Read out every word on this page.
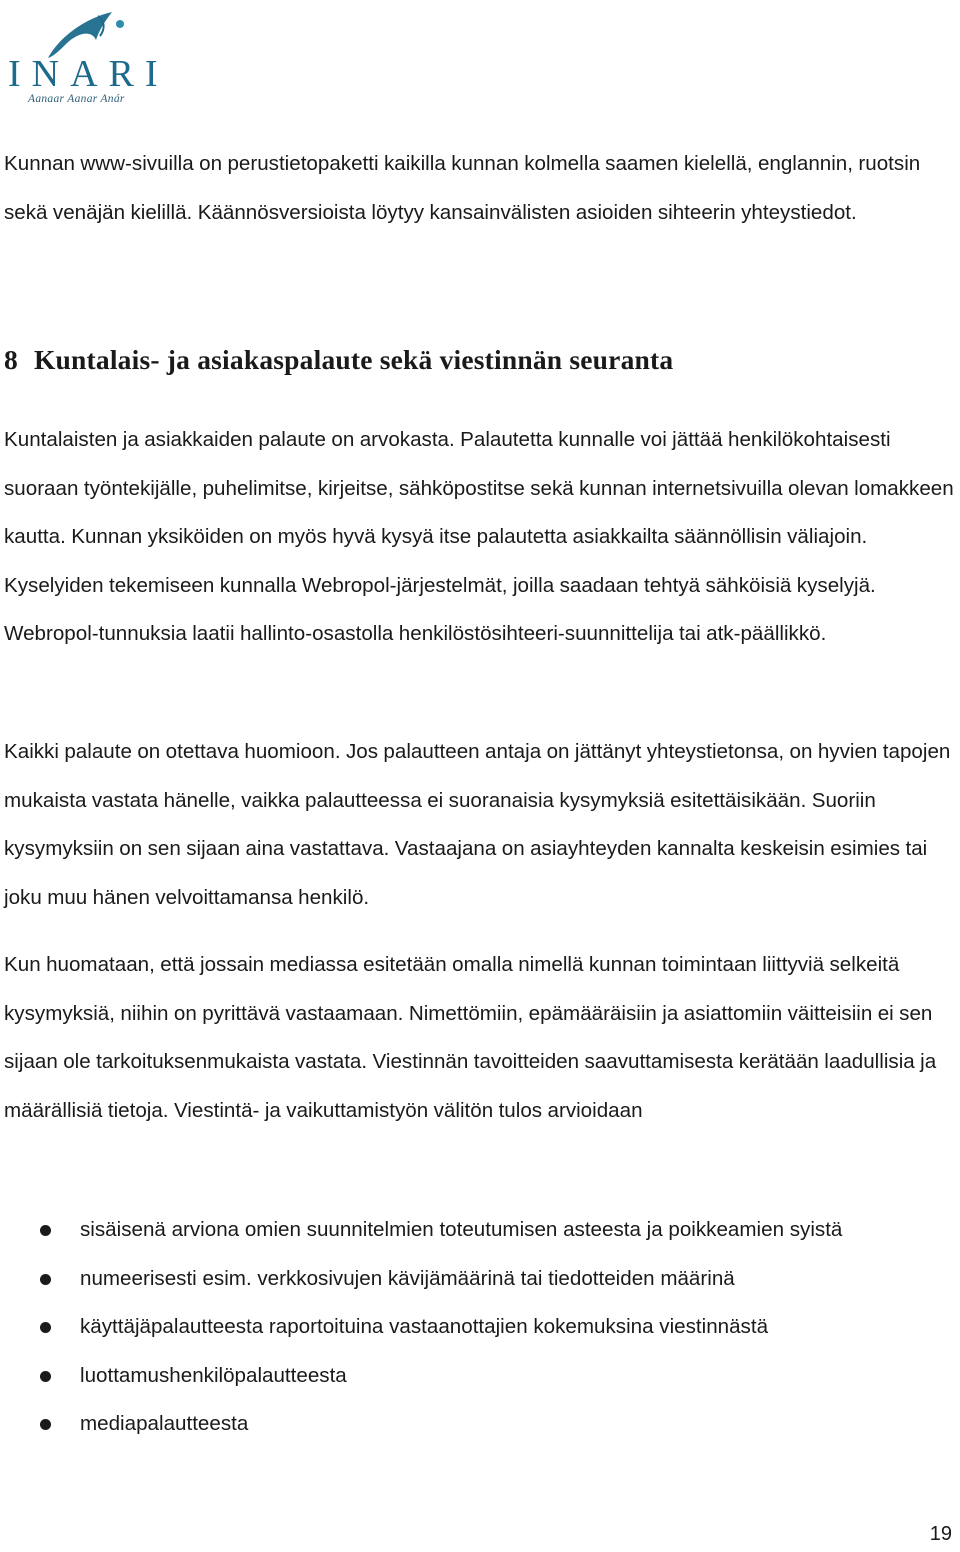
INARI
Aanaar Aanar Anár

Kunnan www-sivuilla on perustietopaketti kaikilla kunnan kolmella saamen kielellä, englannin, ruotsin sekä venäjän kielillä. Käännösversioista löytyy kansainvälisten asioiden sihteerin yhteystiedot.

8 Kuntalais- ja asiakaspalaute sekä viestinnän seuranta

Kuntalaisten ja asiakkaiden palaute on arvokasta. Palautetta kunnalle voi jättää henkilökohtaisesti suoraan työntekijälle, puhelimitse, kirjeitse, sähköpostitse sekä kunnan internetsivuilla olevan lomakkeen kautta. Kunnan yksiköiden on myös hyvä kysyä itse palautetta asiakkailta säännöllisin väliajoin. Kyselyiden tekemiseen kunnalla Webropol-järjestelmät, joilla saadaan tehtyä sähköisiä kyselyjä. Webropol-tunnuksia laatii hallinto-osastolla henkilöstösihteeri-suunnittelija tai atk-päällikkö.

Kaikki palaute on otettava huomioon. Jos palautteen antaja on jättänyt yhteystietonsa, on hyvien tapojen mukaista vastata hänelle, vaikka palautteessa ei suoranaisia kysymyksiä esitettäisikään. Suoriin kysymyksiin on sen sijaan aina vastattava. Vastaajana on asiayhteyden kannalta keskeisin esimies tai joku muu hänen velvoittamansa henkilö.

Kun huomataan, että jossain mediassa esitetään omalla nimellä kunnan toimintaan liittyviä selkeitä kysymyksiä, niihin on pyrittävä vastaamaan. Nimettömiin, epämääräisiin ja asiattomiin väitteisiin ei sen sijaan ole tarkoituksenmukaista vastata. Viestinnän tavoitteiden saavuttamisesta kerätään laadullisia ja määrällisiä tietoja. Viestintä- ja vaikuttamistyön välitön tulos arvioidaan

sisäisenä arviona omien suunnitelmien toteutumisen asteesta ja poikkeamien syistä
numeerisesti esim. verkkosivujen kävijämäärinä tai tiedotteiden määrinä
käyttäjäpalautteesta raportoituina vastaanottajien kokemuksina viestinnästä
luottamushenkilöpalautteesta
mediapalautteesta
19
